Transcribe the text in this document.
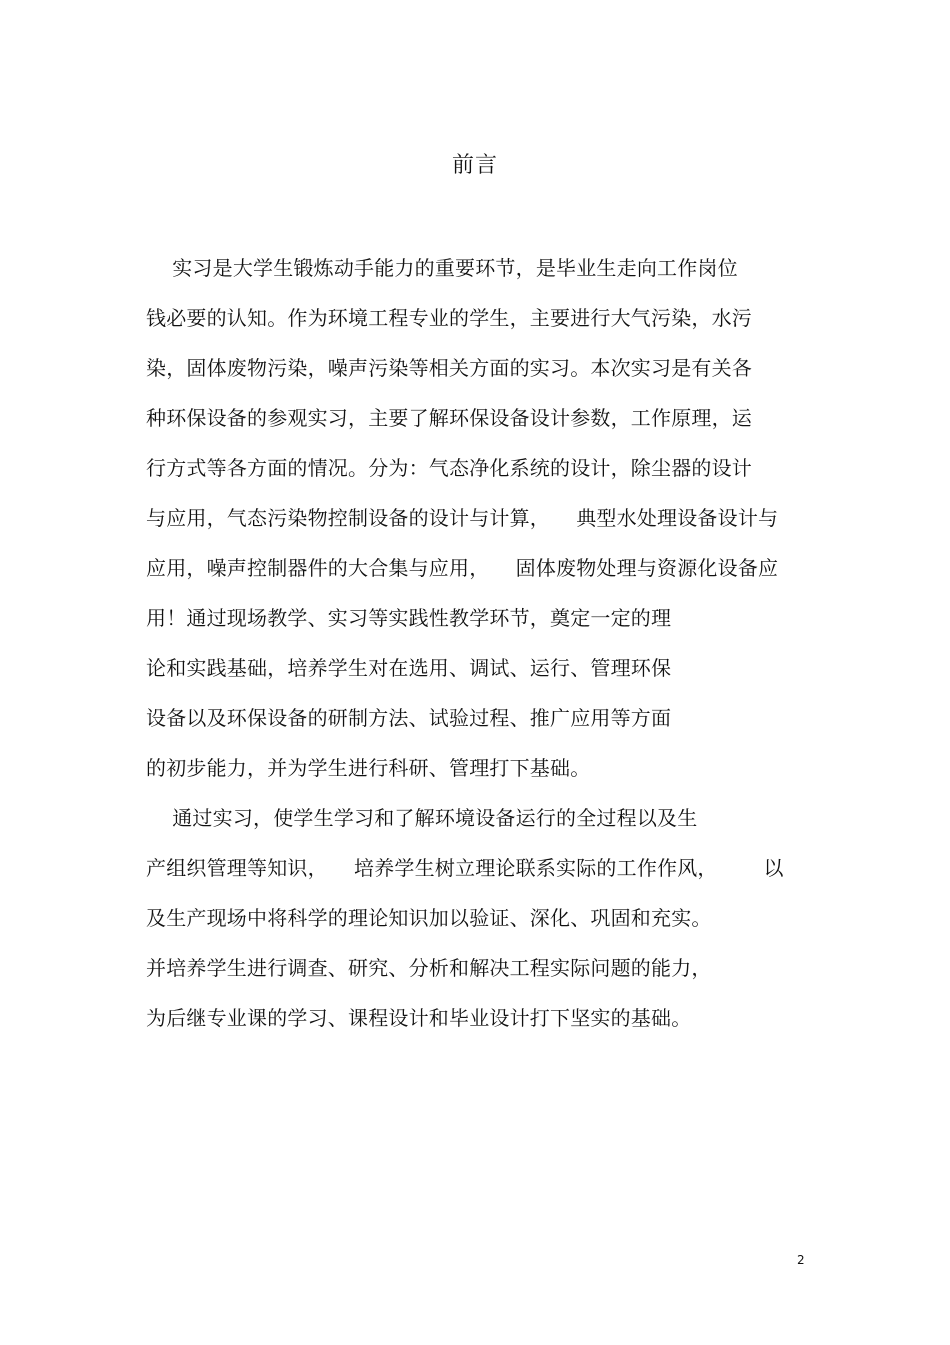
前言
实习是大学生锻炼动手能力的重要环节，是毕业生走向工作岗位
钱必要的认知。作为环境工程专业的学生，主要进行大气污染，水污
染，固体废物污染，噪声污染等相关方面的实习。本次实习是有关各
种环保设备的参观实习，主要了解环保设备设计参数，工作原理，运
行方式等各方面的情况。分为：气态净化系统的设计，除尘器的设计
与应用，气态污染物控制设备的设计与计算，    典型水处理设备设计与
应用，噪声控制器件的大合集与应用，    固体废物处理与资源化设备应
用！通过现场教学、实习等实践性教学环节，奠定一定的理
论和实践基础，培养学生对在选用、调试、运行、管理环保
设备以及环保设备的研制方法、试验过程、推广应用等方面
的初步能力，并为学生进行科研、管理打下基础。
通过实习，使学生学习和了解环境设备运行的全过程以及生
产组织管理等知识，    培养学生树立理论联系实际的工作作风，       以
及生产现场中将科学的理论知识加以验证、深化、巩固和充实。
并培养学生进行调查、研究、分析和解决工程实际问题的能力，
为后继专业课的学习、课程设计和毕业设计打下坚实的基础。
2
